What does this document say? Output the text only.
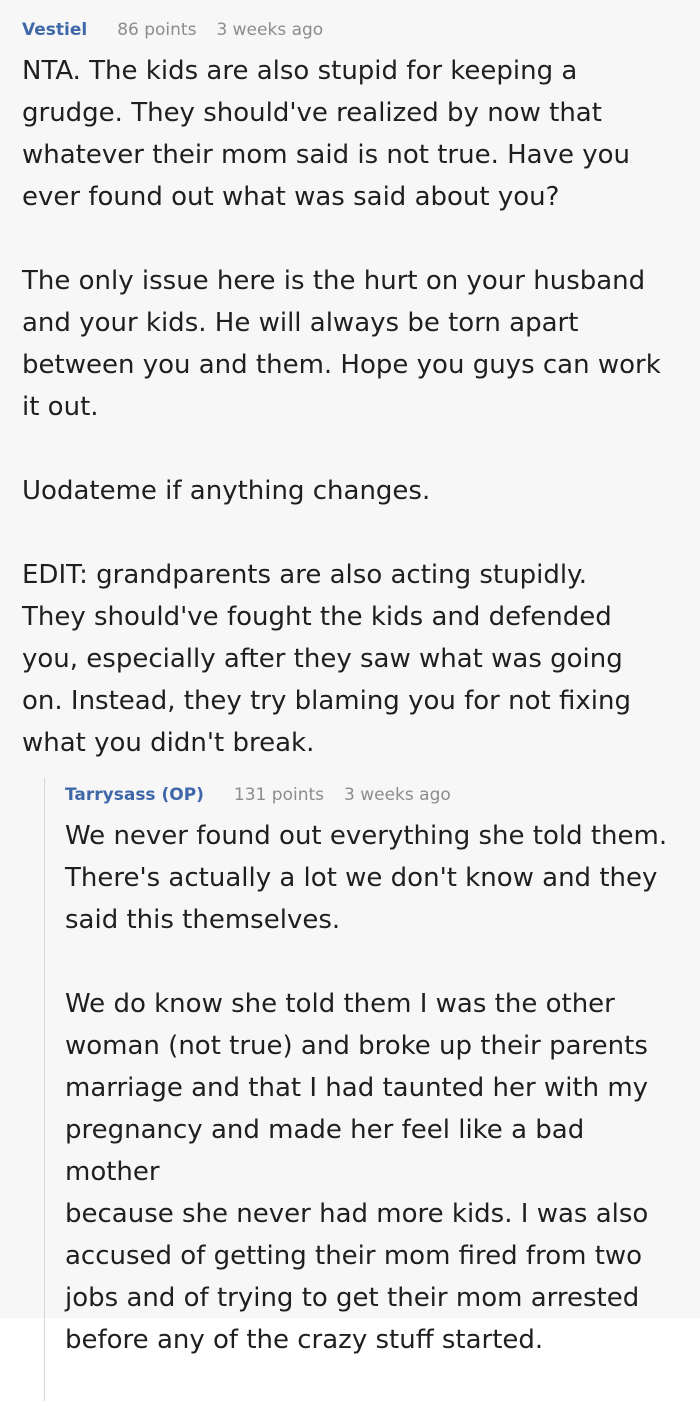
Vestiel 86 points 3 weeks ago

NTA. The kids are also stupid for keeping a
grudge. They should've realized by now that
whatever their mom said is not true. Have you
ever found out what was said about you?

The only issue here is the hurt on your husband
and your kids. He will always be torn apart
between you and them. Hope you guys can work
it out.

Uodateme if anything changes.

EDIT: grandparents are also acting stupidly.
They should've fought the kids and defended
you, especially after they saw what was going
on. Instead, they try blaming you for not fixing
what you didn't break.

Tarrysass (OP) 131 points 3 weeks ago

We never found out everything she told them.
There's actually a lot we don't know and they
said this themselves.

We do know she told them I was the other
woman (not true) and broke up their parents
marriage and that I had taunted her with my
pregnancy and made her feel like a bad mother
because she never had more kids. I was also
accused of getting their mom fired from two
jobs and of trying to get their mom arrested
before any of the crazy stuff started.
